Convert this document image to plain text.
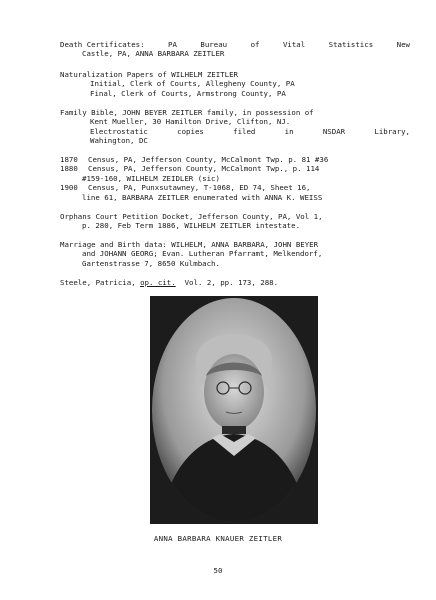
Death Certificates:	PA	Bureau	of	Vital	Statistics	New
Castle, PA, ANNA BARBARA ZEITLER
Naturalization Papers of WILHELM ZEITLER
Initial, Clerk of Courts, Allegheny County, PA
Final, Clerk of Courts, Armstrong County, PA
Family Bible, JOHN BEYER ZEITLER family, in possession of
Kent Mueller, 30 Hamilton Drive, Clifton, NJ.
Electrostatic	copies	filed	in	NSDAR	Library,
Wahington, DC
1870	Census, PA, Jefferson County, McCalmont Twp. p. 81 #36
1880	Census, PA, Jefferson County, McCalmont Twp., p. 114
#159-160, WILHELM ZEIDLER (sic)
1900	Census, PA, Punxsutawney, T-1068, ED 74, Sheet 16,
line 61, BARBARA ZEITLER enumerated with ANNA K. WEISS
Orphans Court Petition Docket, Jefferson County, PA, Vol 1,
p. 280, Feb Term 1886, WILHELM ZEITLER intestate.
Marriage and Birth data: WILHELM, ANNA BARBARA, JOHN BEYER
and JOHANN GEORG; Evan. Lutheran Pfarramt, Melkendorf,
Gartenstrasse 7, 8650 Kulmbach.
Steele, Patricia, op. cit.  Vol. 2, pp. 173, 288.
ANNA BARBARA KNAUER ZEITLER
50
